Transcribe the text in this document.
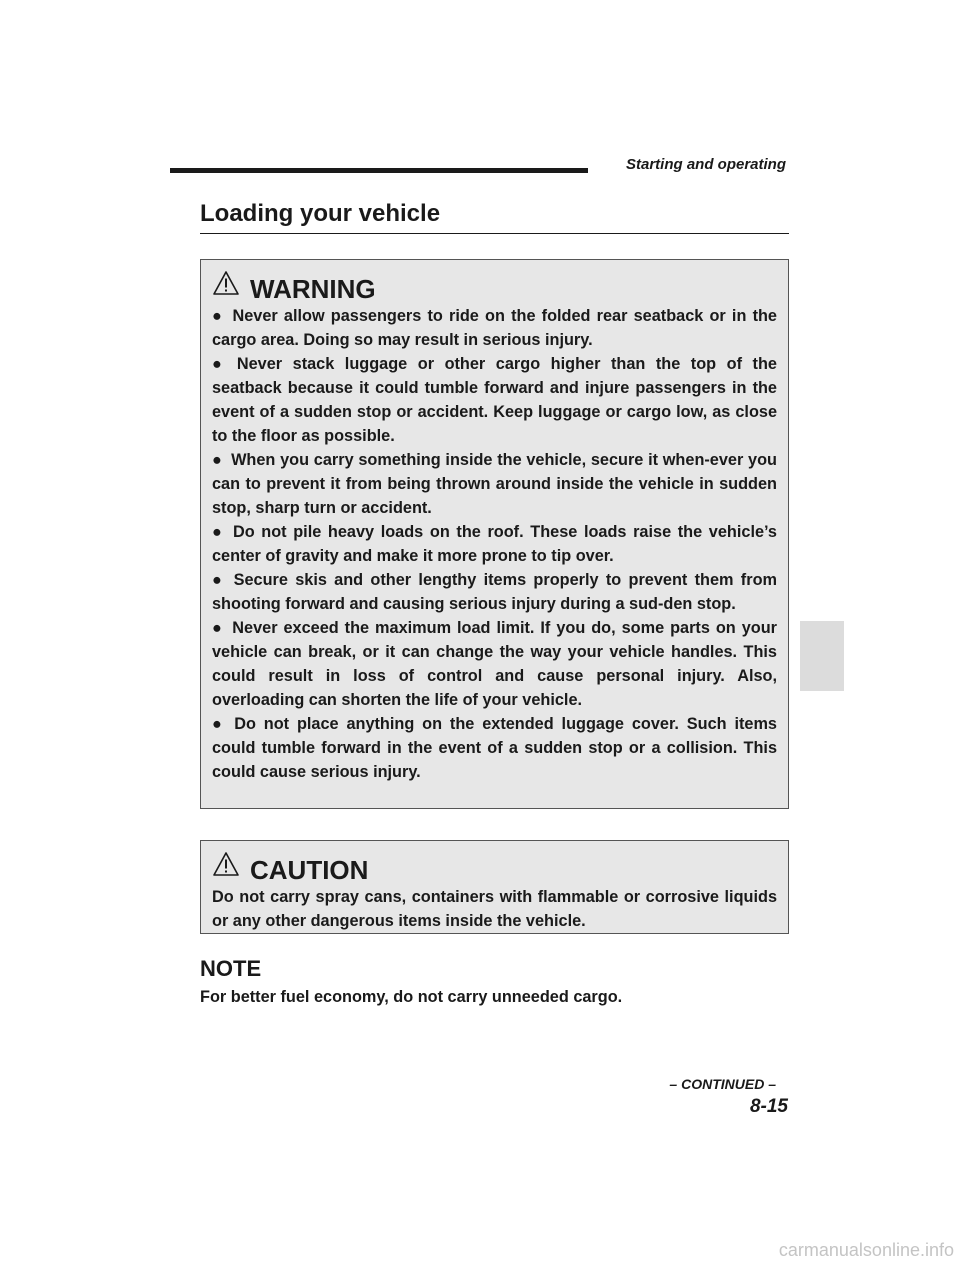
Starting and operating
Loading your vehicle
WARNING
● Never allow passengers to ride on the folded rear seatback or in the cargo area. Doing so may result in serious injury.
● Never stack luggage or other cargo higher than the top of the seatback because it could tumble forward and injure passengers in the event of a sudden stop or accident. Keep luggage or cargo low, as close to the floor as possible.
● When you carry something inside the vehicle, secure it when-ever you can to prevent it from being thrown around inside the vehicle in sudden stop, sharp turn or accident.
● Do not pile heavy loads on the roof. These loads raise the vehicle’s center of gravity and make it more prone to tip over.
● Secure skis and other lengthy items properly to prevent them from shooting forward and causing serious injury during a sud-den stop.
● Never exceed the maximum load limit. If you do, some parts on your vehicle can break, or it can change the way your vehicle handles. This could result in loss of control and cause personal injury. Also, overloading can shorten the life of your vehicle.
● Do not place anything on the extended luggage cover. Such items could tumble forward in the event of a sudden stop or a collision. This could cause serious injury.
CAUTION
Do not carry spray cans, containers with flammable or corrosive liquids or any other dangerous items inside the vehicle.
NOTE
For better fuel economy, do not carry unneeded cargo.
– CONTINUED –
8-15
carmanualsonline.info
